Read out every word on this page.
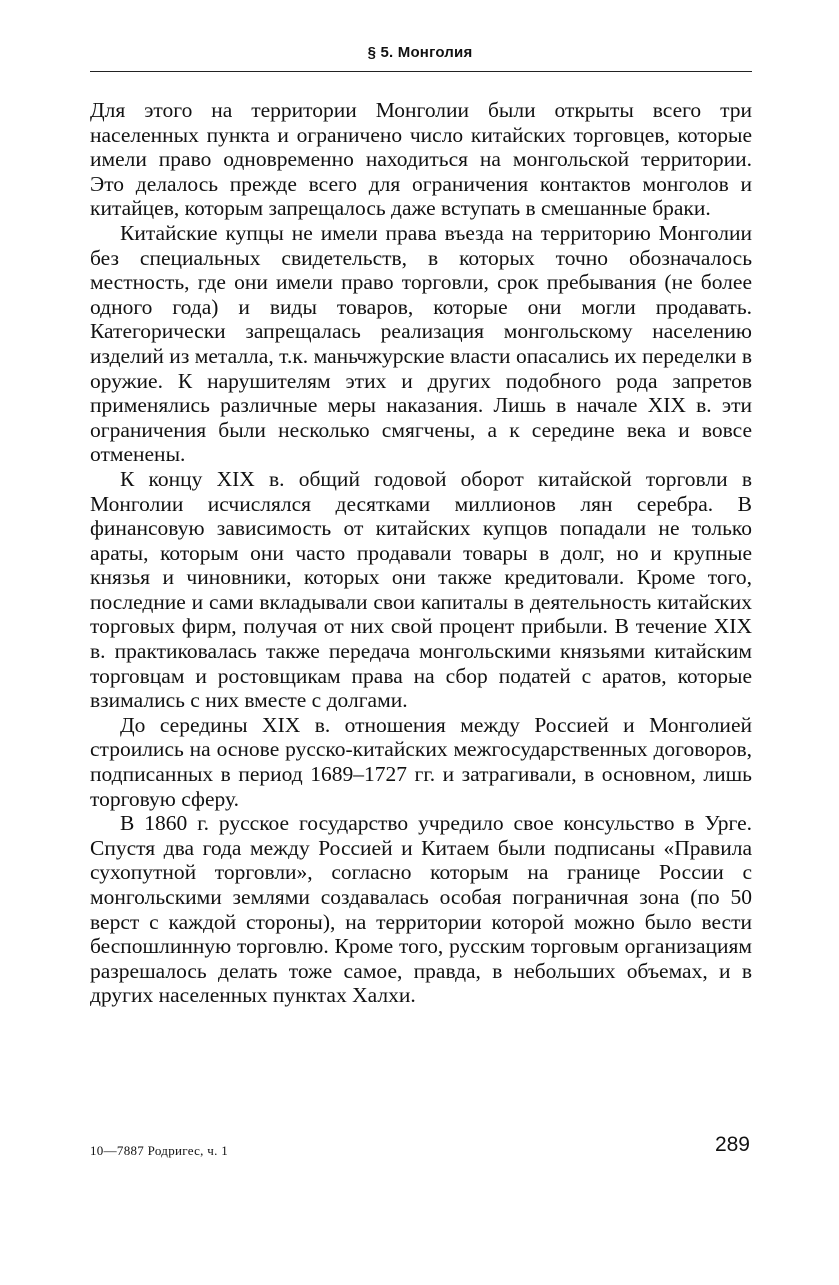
§ 5. Монголия

Для этого на территории Монголии были открыты всего три населенных пункта и ограничено число китайских торговцев, которые имели право одновременно находиться на монгольской территории. Это делалось прежде всего для ограничения контактов монголов и китайцев, которым запрещалось даже вступать в смешанные браки.

Китайские купцы не имели права въезда на территорию Монголии без специальных свидетельств, в которых точно обозначалось местность, где они имели право торговли, срок пребывания (не более одного года) и виды товаров, которые они могли продавать. Категорически запрещалась реализация монгольскому населению изделий из металла, т.к. маньчжурские власти опасались их переделки в оружие. К нарушителям этих и других подобного рода запретов применялись различные меры наказания. Лишь в начале XIX в. эти ограничения были несколько смягчены, а к середине века и вовсе отменены.

К концу XIX в. общий годовой оборот китайской торговли в Монголии исчислялся десятками миллионов лян серебра. В финансовую зависимость от китайских купцов попадали не только араты, которым они часто продавали товары в долг, но и крупные князья и чиновники, которых они также кредитовали. Кроме того, последние и сами вкладывали свои капиталы в деятельность китайских торговых фирм, получая от них свой процент прибыли. В течение XIX в. практиковалась также передача монгольскими князьями китайским торговцам и ростовщикам права на сбор податей с аратов, которые взимались с них вместе с долгами.

До середины XIX в. отношения между Россией и Монголией строились на основе русско-китайских межгосударственных договоров, подписанных в период 1689–1727 гг. и затрагивали, в основном, лишь торговую сферу.

В 1860 г. русское государство учредило свое консульство в Урге. Спустя два года между Россией и Китаем были подписаны «Правила сухопутной торговли», согласно которым на границе России с монгольскими землями создавалась особая пограничная зона (по 50 верст с каждой стороны), на территории которой можно было вести беспошлинную торговлю. Кроме того, русским торговым организациям разрешалось делать тоже самое, правда, в небольших объемах, и в других населенных пунктах Халхи.

10—7887 Родригес, ч. 1	289
